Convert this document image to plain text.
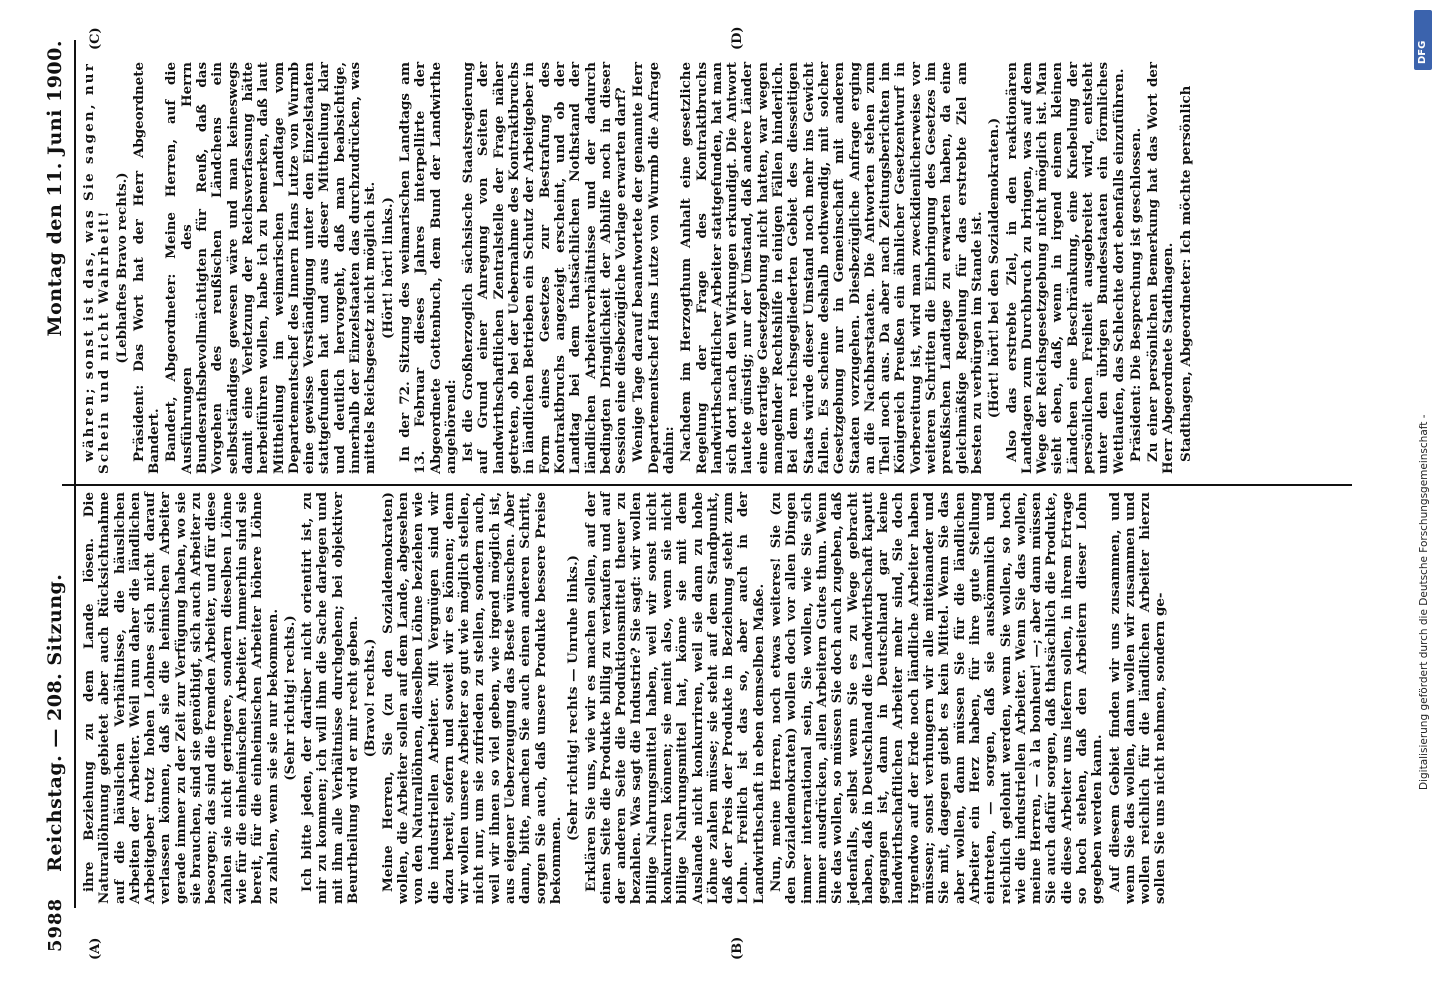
5988
Reichstag. — 208. Sitzung.
Montag den 11. Juni 1900.
(A)	(B)
(C)	(D)

ihre Beziehung zu dem Lande lösen. Die Naturallöhnung gebietet aber auch Rücksichtnahme auf die häuslichen Verhältnisse, die häuslichen Arbeiten der Arbeiter. Weil nun daher die ländlichen Arbeitgeber trotz hohen Lohnes sich nicht darauf verlassen können, daß sie die heimischen Arbeiter gerade immer zu der Zeit zur Verfügung haben, wo sie sie brauchen, sind sie genöthigt, sich auch Arbeiter zu besorgen; das sind die fremden Arbeiter, und für diese zahlen sie nicht geringere, sondern dieselben Löhne wie für die einheimischen Arbeiter. Immerhin sind sie bereit, für die einheimischen Arbeiter höhere Löhne zu zahlen, wenn sie sie nur bekommen. (Sehr richtig! rechts.) Ich bitte jeden, der darüber nicht orientirt ist, zu mir zu kommen; ich will ihm die Sache darlegen und mit ihm alle Verhältnisse durchgehen; bei objektiver Beurtheilung wird er mir recht geben. (Bravo! rechts.) Meine Herren, Sie (zu den Sozialdemokraten) wollen, die Arbeiter sollen auf dem Lande, abgesehen von den Naturallöhnen, dieselben Löhne beziehen wie die industriellen Arbeiter. Mit Vergnügen sind wir dazu bereit, sofern und soweit wir es können; denn wir wollen unsere Arbeiter so gut wie möglich stellen, nicht nur, um sie zufrieden zu stellen, sondern auch, weil wir ihnen so viel geben, wie irgend möglich ist, aus eigener Ueberzeugung das Beste wünschen. Aber dann, bitte, machen Sie auch einen anderen Schritt, sorgen Sie auch, daß unsere Produkte bessere Preise bekommen.

(Sehr richtig! rechts — Unruhe links.) Erklären Sie uns, wie wir es machen sollen, auf der einen Seite die Produkte billig zu verkaufen und auf der anderen Seite die Produktionsmittel theuer zu bezahlen. Was sagt die Industrie? Sie sagt: wir wollen billige Nahrungsmittel haben, weil wir sonst nicht konkurriren können; sie meint also, wenn sie nicht billige Nahrungsmittel hat, könne sie mit dem Auslande nicht konkurriren, weil sie dann zu hohe Löhne zahlen müsse; sie steht auf dem Standpunkt, daß der Preis der Produkte in Beziehung steht zum Lohn. Freilich ist das so, aber auch in der Landwirthschaft in eben demselben Maße. Nun, meine Herren, noch etwas weiteres! Sie (zu den Sozialdemokraten) wollen doch vor allen Dingen immer international sein, Sie wollen, wie Sie sich immer ausdrücken, allen Arbeitern Gutes thun. Wenn Sie das wollen, so müssen Sie doch auch zugeben, daß jedenfalls, selbst wenn Sie es zu Wege gebracht haben, daß in Deutschland die Landwirthschaft kaputt gegangen ist, dann in Deutschland gar keine landwirthschaftlichen Arbeiter mehr sind, Sie doch irgendwo auf der Erde noch ländliche Arbeiter haben müssen; sonst verhungern wir alle miteinander und Sie mit, dagegen giebt es kein Mittel. Wenn Sie das aber wollen, dann müssen Sie für die ländlichen Arbeiter ein Herz haben, für ihre gute Stellung eintreten, — sorgen, daß sie auskömmlich und reichlich gelohnt werden, wenn Sie wollen, so hoch wie die industriellen Arbeiter. Wenn Sie das wollen, meine Herren, — à la bonheur! —; aber dann müssen Sie auch dafür sorgen, daß thatsächlich die Produkte, die diese Arbeiter uns liefern sollen, in ihrem Ertrage so hoch stehen, daß den Arbeitern dieser Lohn gegeben werden kann. Auf diesem Gebiet finden wir uns zusammen, und wenn Sie das wollen, dann wollen wir zusammen und wollen reichlich für die ländlichen Arbeiter hierzu sollen Sie uns nicht nehmen, sondern ge-

währen; sonst ist das, was Sie sagen, nur Schein und nicht Wahrheit! (Lebhaftes Bravo rechts.) Präsident: Das Wort hat der Herr Abgeordnete Bandert. Bandert, Abgeordneter: Meine Herren, auf die Ausführungen des Herrn Bundesrathsbevollmächtigten für Reuß, daß das Vorgehen des reußischen Ländchens ein selbstständiges gewesen wäre und man keineswegs damit eine Verletzung der Reichsverfassung hätte herbeiführen wollen, habe ich zu bemerken, daß laut Mittheilung im weimarischen Landtage vom Departementschef des Innern Hans Lutze von Wurmb eine gewisse Verständigung unter den Einzelstaaten stattgefunden hat und aus dieser Mittheilung klar und deutlich hervorgeht, daß man beabsichtige, innerhalb der Einzelstaaten das durchzudrücken, was mittels Reichsgesetz nicht möglich ist. (Hört! hört! links.) In der 72. Sitzung des weimarischen Landtags am 13. Februar dieses Jahres interpellirte der Abgeordnete Gottenbuch, dem Bund der Landwirthe angehörend: Ist die Großherzoglich sächsische Staatsregierung auf Grund einer Anregung von Seiten der landwirthschaftlichen Zentralstelle der Frage näher getreten, ob bei der Uebernahme des Kontraktbruchs in ländlichen Betrieben ein Schutz der Arbeitgeber in Form eines Gesetzes zur Bestrafung des Kontraktbruchs angezeigt erscheint, und ob der Landtag bei dem thatsächlichen Nothstand der ländlichen Arbeiterverhältnisse und der dadurch bedingten Dringlichkeit der Abhilfe noch in dieser Session eine diesbezügliche Vorlage erwarten darf? Wenige Tage darauf beantwortete der genannte Herr Departementschef Hans Lutze von Wurmb die Anfrage dahin: Nachdem im Herzogthum Anhalt eine gesetzliche Regelung der Frage des Kontraktbruchs landwirthschaftlicher Arbeiter stattgefunden, hat man sich dort nach den Wirkungen erkundigt. Die Antwort lautete günstig; nur der Umstand, daß andere Länder eine derartige Gesetzgebung nicht hatten, war wegen mangelnder Rechtshilfe in einigen Fällen hinderlich. Bei dem reichsgegliederten Gebiet des diesseitigen Staats würde dieser Umstand noch mehr ins Gewicht fallen. Es scheine deshalb nothwendig, mit solcher Gesetzgebung nur in Gemeinschaft mit anderen Staaten vorzugehen. Diesbezügliche Anfrage erging an die Nachbarstaaten. Die Antworten stehen zum Theil noch aus. Da aber nach Zeitungsberichten im Königreich Preußen ein ähnlicher Gesetzentwurf in Vorbereitung ist, wird man zweckdienlicherweise vor weiteren Schritten die Einbringung des Gesetzes im preußischen Landtage zu erwarten haben, da eine gleichmäßige Regelung für das erstrebte Ziel am besten zu verbürgen im Stande ist. (Hört! hört! bei den Sozialdemokraten.) Also das erstrebte Ziel, in den reaktionären Landtagen zum Durchbruch zu bringen, was auf dem Wege der Reichsgesetzgebung nicht möglich ist. Man sieht eben, daß, wenn in irgend einem kleinen Ländchen eine Beschränkung, eine Knebelung der persönlichen Freiheit ausgebreitet wird, entsteht unter den übrigen Bundesstaaten ein förmliches Wettlaufen, das Schlechte dort ebenfalls einzuführen. Präsident: Die Besprechung ist geschlossen. Zu einer persönlichen Bemerkung hat das Wort der Herr Abgeordnete Stadthagen. Stadthagen, Abgeordneter: Ich möchte persönlich

DFG
Digitalisierung gefördert durch die Deutsche Forschungsgemeinschaft -
